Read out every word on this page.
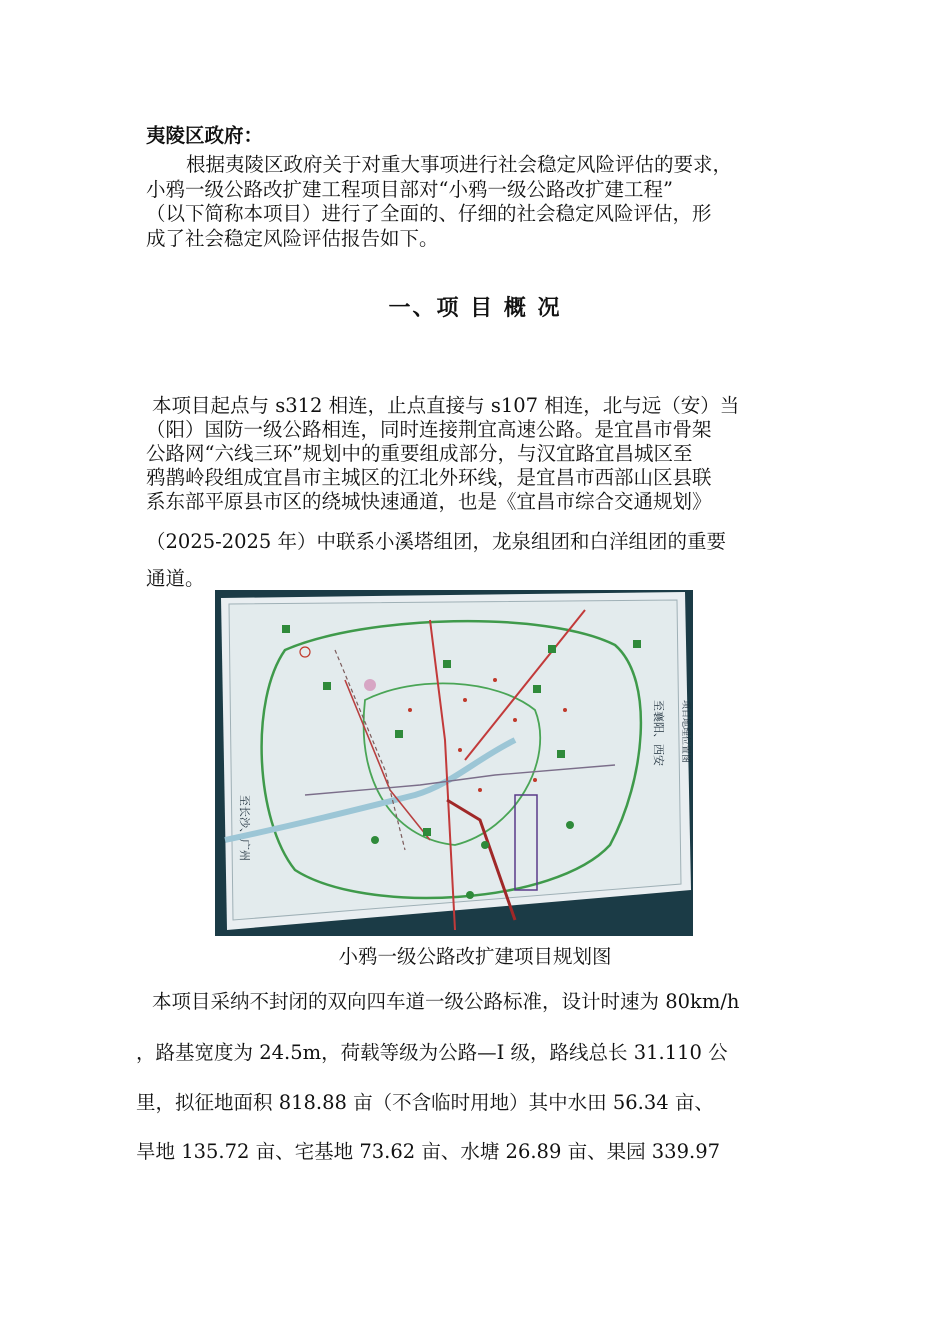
夷陵区政府：
根据夷陵区政府关于对重大事项进行社会稳定风险评估的要求，
小鸦一级公路改扩建工程项目部对“小鸦一级公路改扩建工程”
（以下简称本项目）进行了全面的、仔细的社会稳定风险评估，形
成了社会稳定风险评估报告如下。
一、项 目 概 况
本项目起点与 s312 相连，止点直接与 s107 相连，北与远（安）当
（阳）国防一级公路相连，同时连接荆宜高速公路。是宜昌市骨架
公路网“六线三环”规划中的重要组成部分，与汉宜路宜昌城区至
鸦鹊岭段组成宜昌市主城区的江北外环线，是宜昌市西部山区县联
系东部平原县市区的绕城快速通道，也是《宜昌市综合交通规划》
（2025-2025 年）中联系小溪塔组团，龙泉组团和白洋组团的重要
通道。
至襄阳、西安
至长沙、广州
项目地理位置图
小鸦一级公路改扩建项目规划图
本项目采纳不封闭的双向四车道一级公路标准，设计时速为 80km/h
，路基宽度为 24.5m，荷载等级为公路—I 级，路线总长 31.110 公
里，拟征地面积 818.88 亩（不含临时用地）其中水田 56.34 亩、
旱地 135.72 亩、宅基地 73.62 亩、水塘 26.89 亩、果园 339.97
